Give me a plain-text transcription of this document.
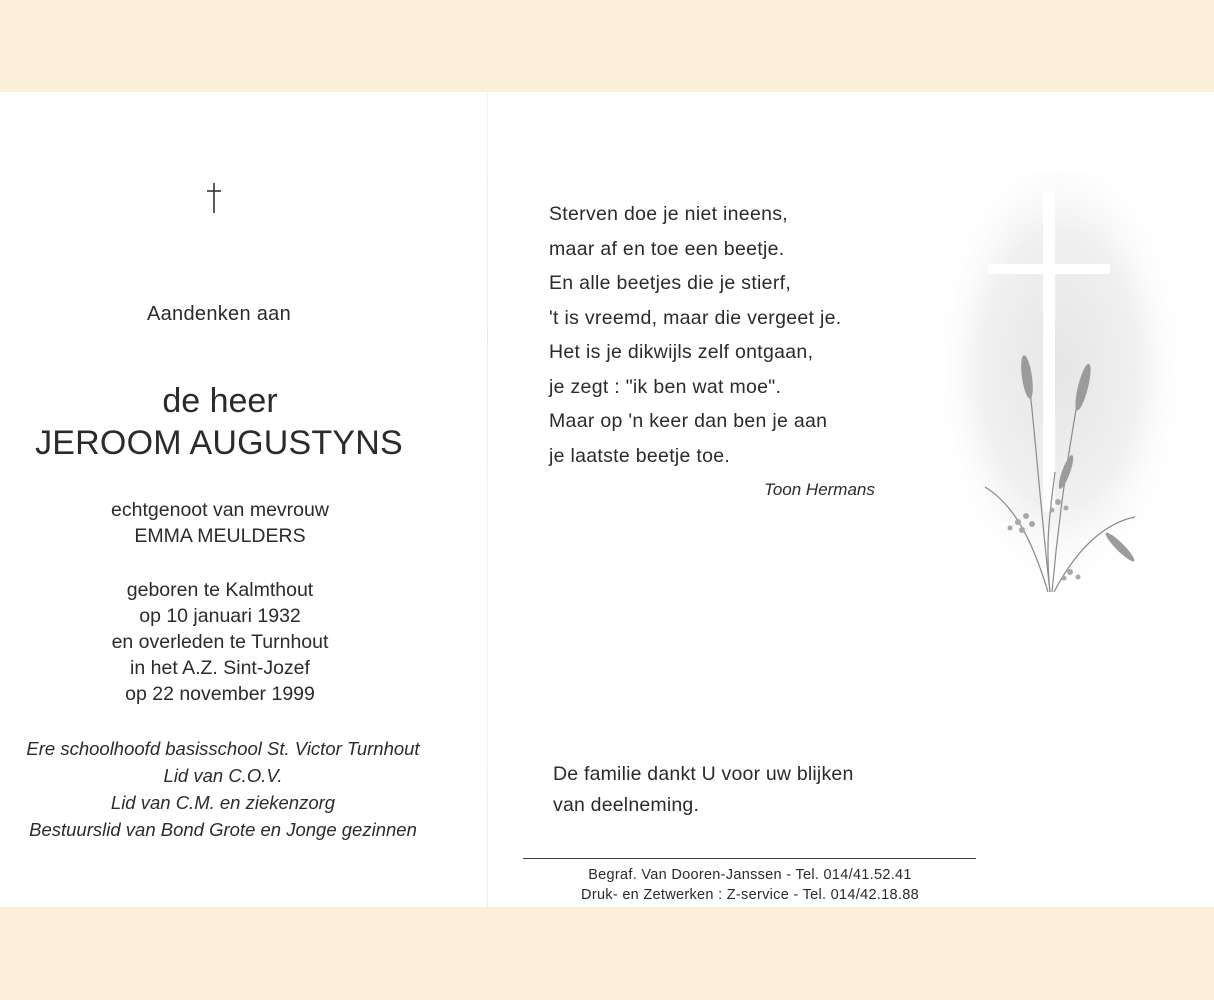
Aandenken aan
de heer
JEROOM AUGUSTYNS
echtgenoot van mevrouw
EMMA MEULDERS
geboren te Kalmthout
op 10 januari 1932
en overleden te Turnhout
in het A.Z. Sint-Jozef
op 22 november 1999
Ere schoolhoofd basisschool St. Victor Turnhout
Lid van C.O.V.
Lid van C.M. en ziekenzorg
Bestuurslid van Bond Grote en Jonge gezinnen
Sterven doe je niet ineens,
maar af en toe een beetje.
En alle beetjes die je stierf,
't is vreemd, maar die vergeet je.
Het is je dikwijls zelf ontgaan,
je zegt : "ik ben wat moe".
Maar op 'n keer dan ben je aan
je laatste beetje toe.
Toon Hermans
De familie dankt U voor uw blijken
van deelneming.
Begraf. Van Dooren-Janssen - Tel. 014/41.52.41
Druk- en Zetwerken : Z-service - Tel. 014/42.18.88
